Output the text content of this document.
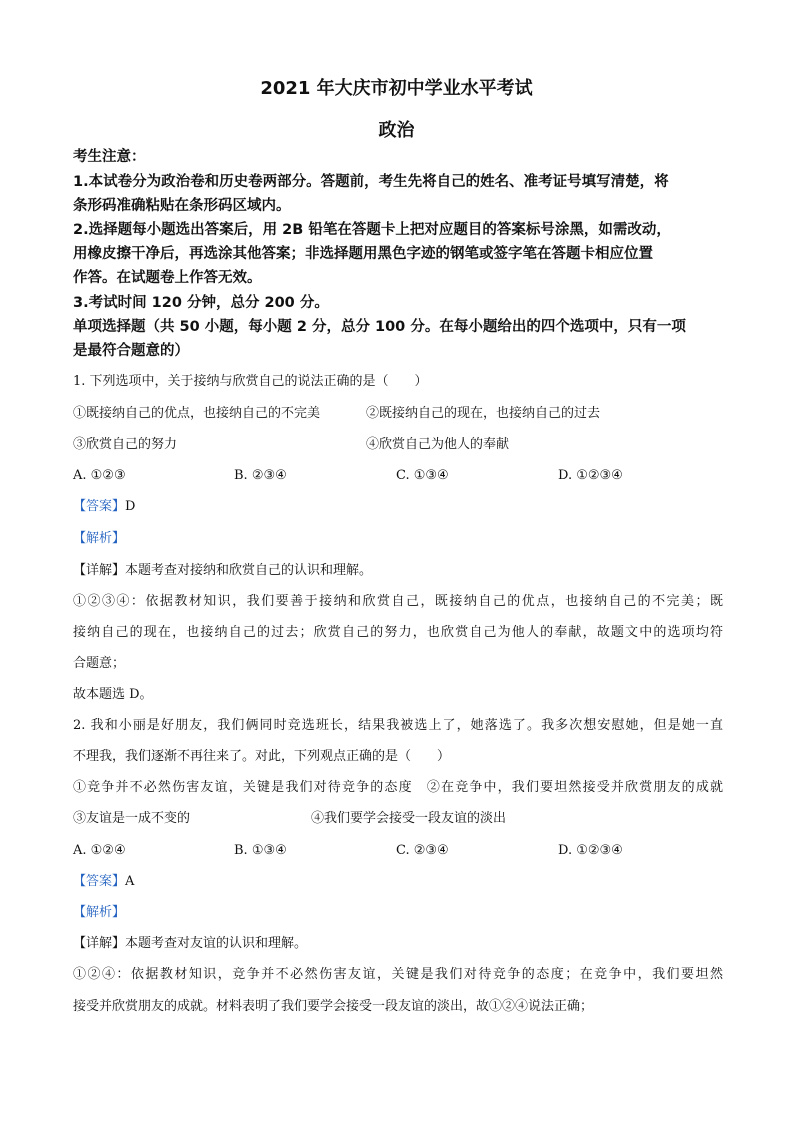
2021 年大庆市初中学业水平考试
政治
考生注意：
1.本试卷分为政治卷和历史卷两部分。答题前，考生先将自己的姓名、准考证号填写清楚，将
条形码准确粘贴在条形码区域内。
2.选择题每小题选出答案后，用 2B 铅笔在答题卡上把对应题目的答案标号涂黑，如需改动，
用橡皮擦干净后，再选涂其他答案；非选择题用黑色字迹的钢笔或签字笔在答题卡相应位置
作答。在试题卷上作答无效。
3.考试时间 120 分钟，总分 200 分。
单项选择题（共 50 小题，每小题 2 分，总分 100 分。在每小题给出的四个选项中，只有一项
是最符合题意的）
1. 下列选项中，关于接纳与欣赏自己的说法正确的是（　　）
①既接纳自己的优点，也接纳自己的不完美	②既接纳自己的现在，也接纳自己的过去
③欣赏自己的努力	④欣赏自己为他人的奉献
A. ①②③	B. ②③④	C. ①③④	D. ①②③④
【答案】D
【解析】
【详解】本题考查对接纳和欣赏自己的认识和理解。
①②③④：依据教材知识，我们要善于接纳和欣赏自己，既接纳自己的优点，也接纳自己的不完美；既
接纳自己的现在，也接纳自己的过去；欣赏自己的努力，也欣赏自己为他人的奉献，故题文中的选项均符
合题意；
故本题选 D。
2. 我和小丽是好朋友，我们俩同时竞选班长，结果我被选上了，她落选了。我多次想安慰她，但是她一直
不理我，我们逐渐不再往来了。对此，下列观点正确的是（　　）
①竞争并不必然伤害友谊，关键是我们对待竞争的态度　②在竞争中，我们要坦然接受并欣赏朋友的成就
③友谊是一成不变的	④我们要学会接受一段友谊的淡出
A. ①②④	B. ①③④	C. ②③④	D. ①②③④
【答案】A
【解析】
【详解】本题考查对友谊的认识和理解。
①②④：依据教材知识，竞争并不必然伤害友谊，关键是我们对待竞争的态度；在竞争中，我们要坦然
接受并欣赏朋友的成就。材料表明了我们要学会接受一段友谊的淡出，故①②④说法正确；
